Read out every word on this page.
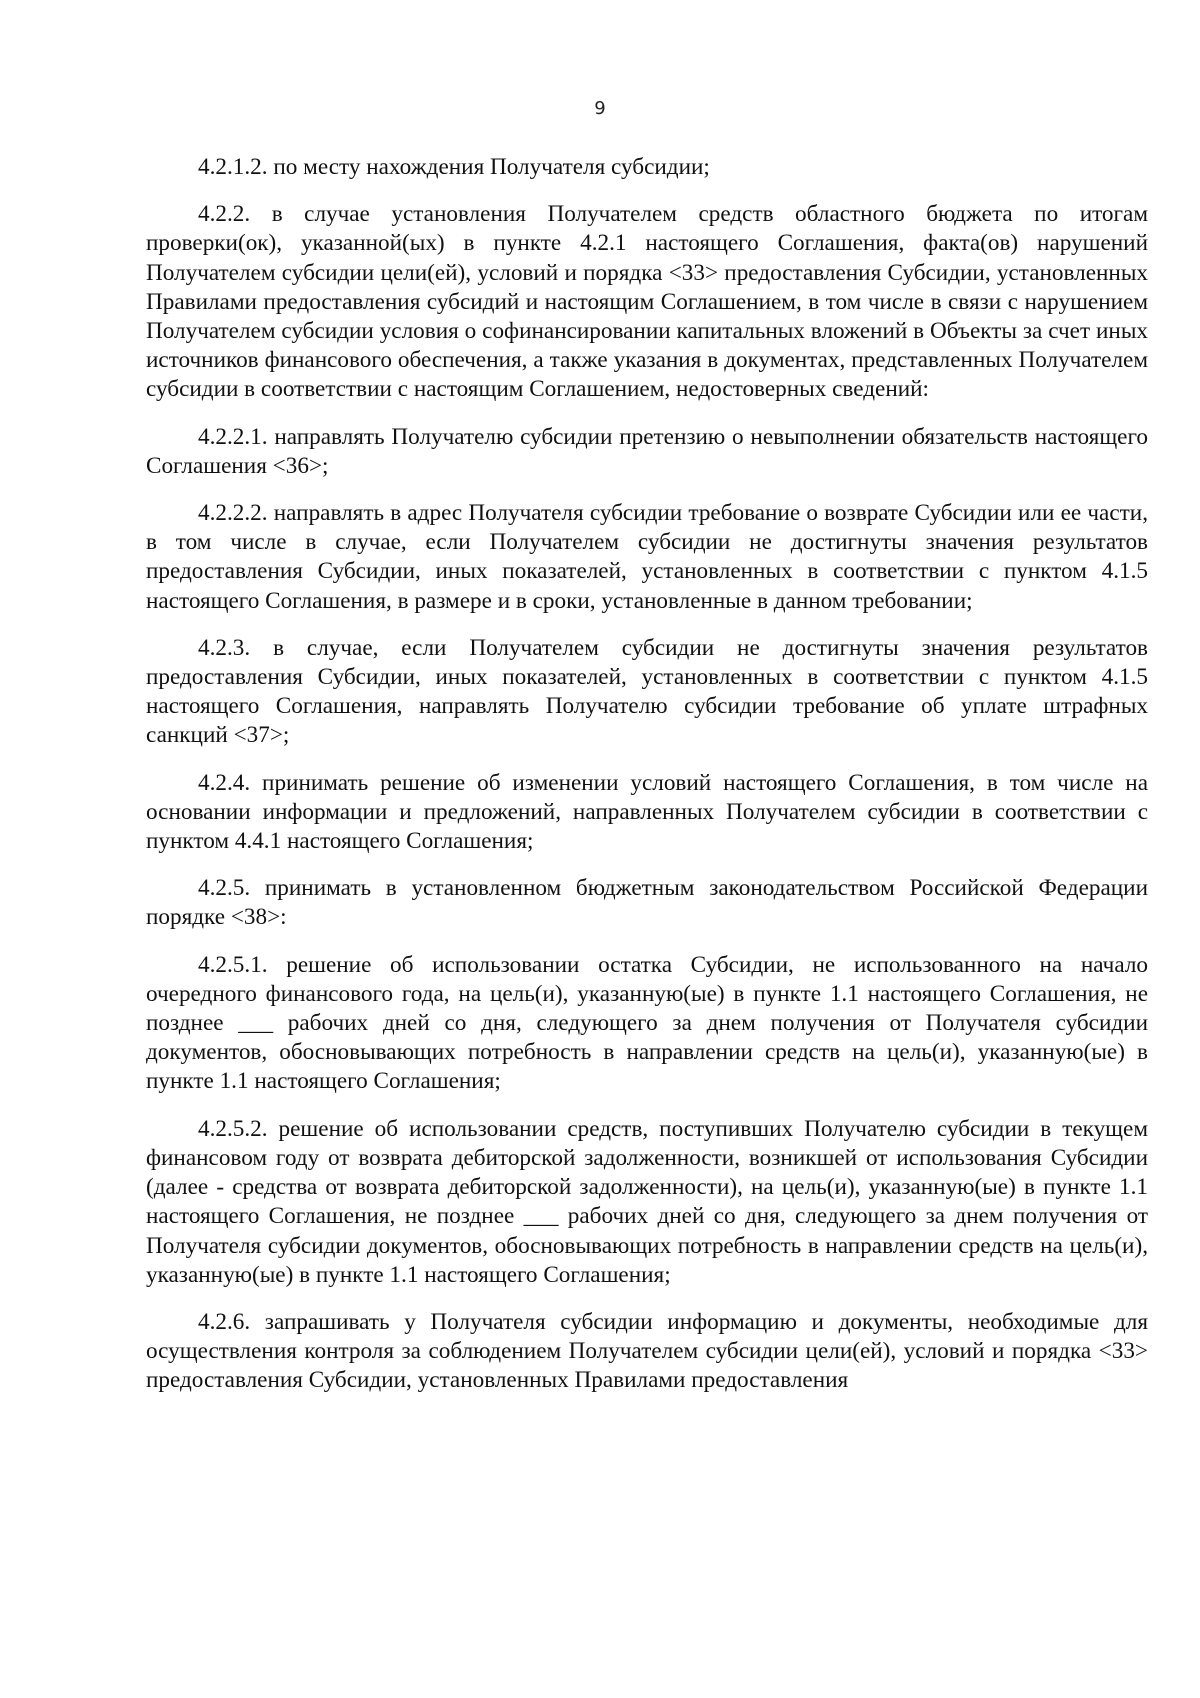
9

4.2.1.2. по месту нахождения Получателя субсидии;

4.2.2. в случае установления Получателем средств областного бюджета по итогам проверки(ок), указанной(ых) в пункте 4.2.1 настоящего Соглашения, факта(ов) нарушений Получателем субсидии цели(ей), условий и порядка <33> предоставления Субсидии, установленных Правилами предоставления субсидий и настоящим Соглашением, в том числе в связи с нарушением Получателем субсидии условия о софинансировании капитальных вложений в Объекты за счет иных источников финансового обеспечения, а также указания в документах, представленных Получателем субсидии в соответствии с настоящим Соглашением, недостоверных сведений:

4.2.2.1. направлять Получателю субсидии претензию о невыполнении обязательств настоящего Соглашения <36>;

4.2.2.2. направлять в адрес Получателя субсидии требование о возврате Субсидии или ее части, в том числе в случае, если Получателем субсидии не достигнуты значения результатов предоставления Субсидии, иных показателей, установленных в соответствии с пунктом 4.1.5 настоящего Соглашения, в размере и в сроки, установленные в данном требовании;

4.2.3. в случае, если Получателем субсидии не достигнуты значения результатов предоставления Субсидии, иных показателей, установленных в соответствии с пунктом 4.1.5 настоящего Соглашения, направлять Получателю субсидии требование об уплате штрафных санкций <37>;

4.2.4. принимать решение об изменении условий настоящего Соглашения, в том числе на основании информации и предложений, направленных Получателем субсидии в соответствии с пунктом 4.4.1 настоящего Соглашения;

4.2.5. принимать в установленном бюджетным законодательством Российской Федерации порядке <38>:

4.2.5.1. решение об использовании остатка Субсидии, не использованного на начало очередного финансового года, на цель(и), указанную(ые) в пункте 1.1 настоящего Соглашения, не позднее ___ рабочих дней со дня, следующего за днем получения от Получателя субсидии документов, обосновывающих потребность в направлении средств на цель(и), указанную(ые) в пункте 1.1 настоящего Соглашения;

4.2.5.2. решение об использовании средств, поступивших Получателю субсидии в текущем финансовом году от возврата дебиторской задолженности, возникшей от использования Субсидии (далее - средства от возврата дебиторской задолженности), на цель(и), указанную(ые) в пункте 1.1 настоящего Соглашения, не позднее ___ рабочих дней со дня, следующего за днем получения от Получателя субсидии документов, обосновывающих потребность в направлении средств на цель(и), указанную(ые) в пункте 1.1 настоящего Соглашения;

4.2.6. запрашивать у Получателя субсидии информацию и документы, необходимые для осуществления контроля за соблюдением Получателем субсидии цели(ей), условий и порядка <33> предоставления Субсидии, установленных Правилами предоставления
